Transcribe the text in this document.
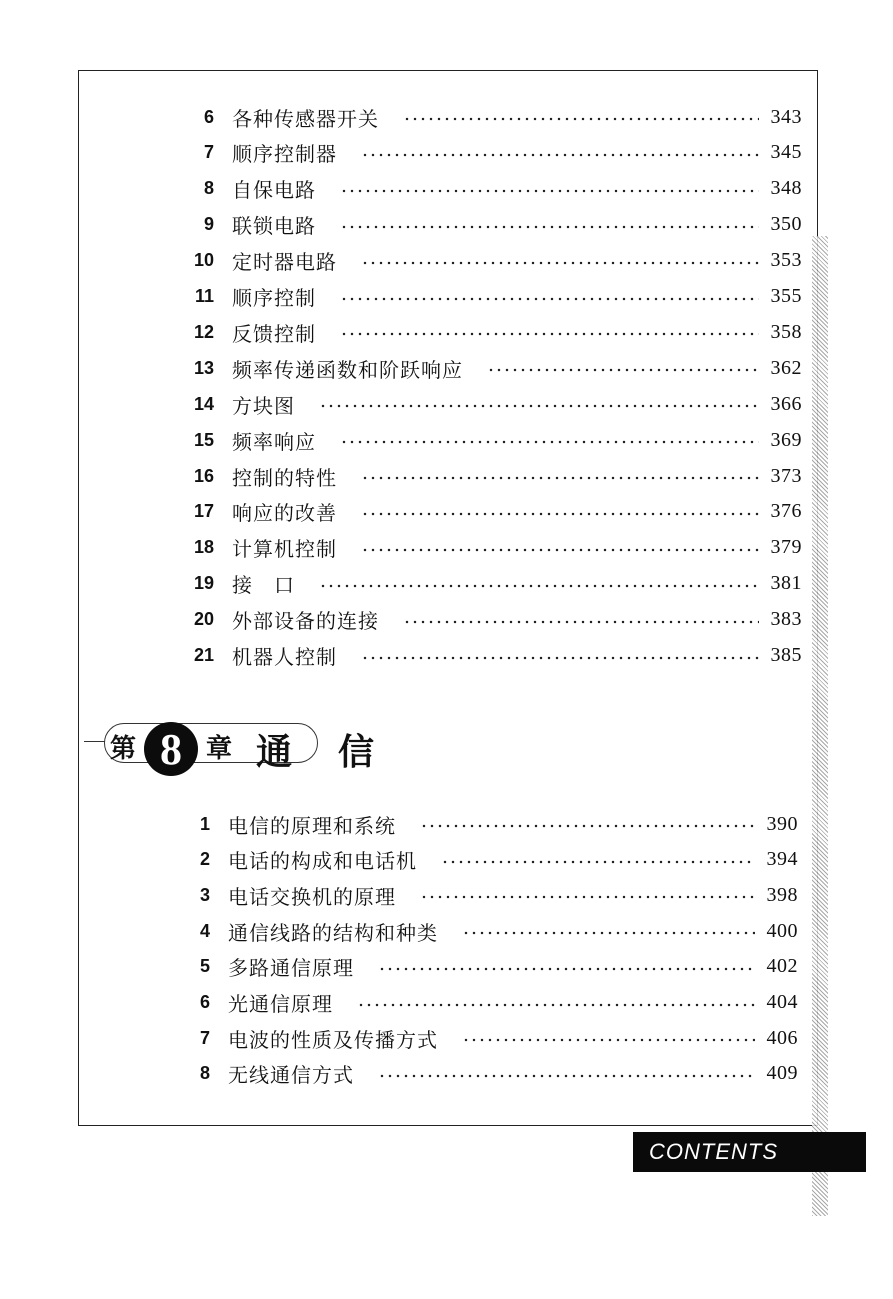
6 各种传感器开关	343
7 顺序控制器	345
8 自保电路	348
9 联锁电路	350
10 定时器电路	353
11 顺序控制	355
12 反馈控制	358
13 频率传递函数和阶跃响应	362
14 方块图	366
15 频率响应	369
16 控制的特性	373
17 响应的改善	376
18 计算机控制	379
19 接　口	381
20 外部设备的连接	383
21 机器人控制	385
第 8 章 通信
1 电信的原理和系统	390
2 电话的构成和电话机	394
3 电话交换机的原理	398
4 通信线路的结构和种类	400
5 多路通信原理	402
6 光通信原理	404
7 电波的性质及传播方式	406
8 无线通信方式	409
CONTENTS
